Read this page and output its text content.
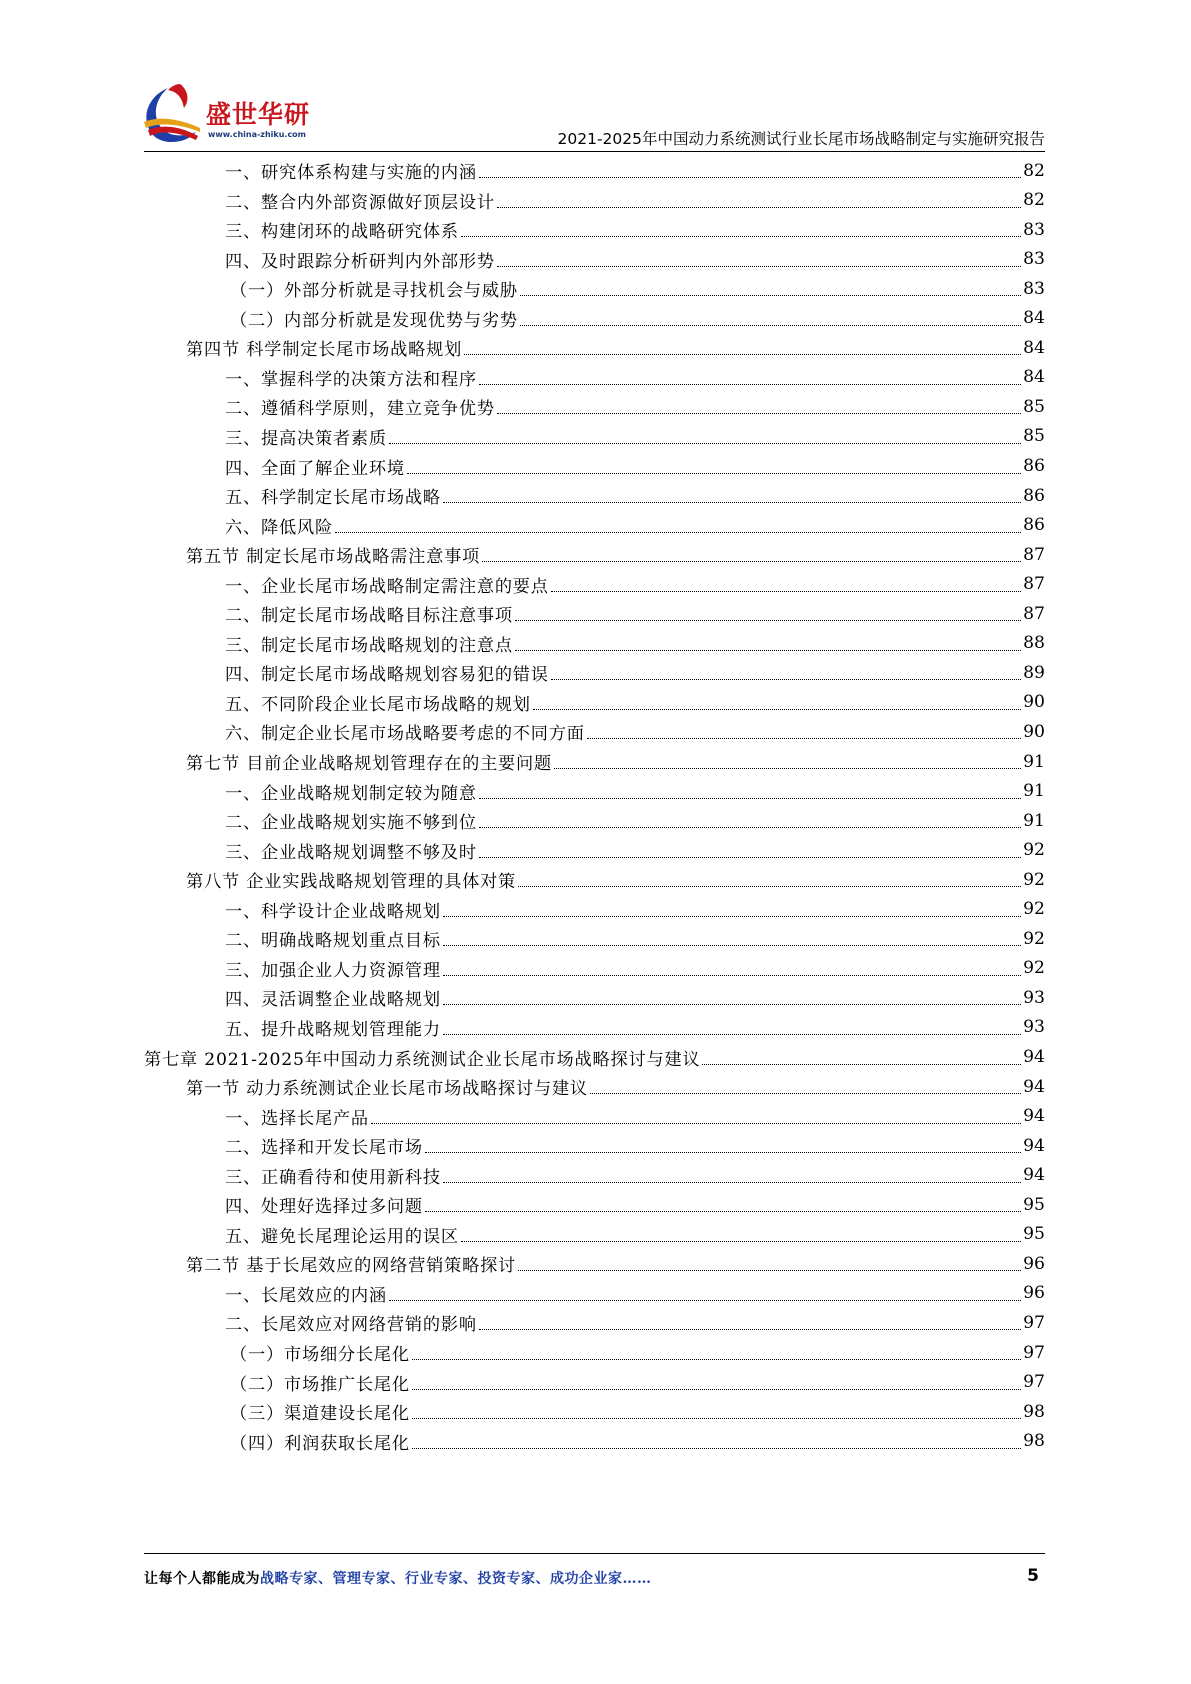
盛世华研
www.china-zhiku.com	2021-2025年中国动力系统测试行业长尾市场战略制定与实施研究报告
一、研究体系构建与实施的内涵	82
二、整合内外部资源做好顶层设计	82
三、构建闭环的战略研究体系	83
四、及时跟踪分析研判内外部形势	83
（一）外部分析就是寻找机会与威胁	83
（二）内部分析就是发现优势与劣势	84
第四节 科学制定长尾市场战略规划	84
一、掌握科学的决策方法和程序	84
二、遵循科学原则，建立竞争优势	85
三、提高决策者素质	85
四、全面了解企业环境	86
五、科学制定长尾市场战略	86
六、降低风险	86
第五节 制定长尾市场战略需注意事项	87
一、企业长尾市场战略制定需注意的要点	87
二、制定长尾市场战略目标注意事项	87
三、制定长尾市场战略规划的注意点	88
四、制定长尾市场战略规划容易犯的错误	89
五、不同阶段企业长尾市场战略的规划	90
六、制定企业长尾市场战略要考虑的不同方面	90
第七节 目前企业战略规划管理存在的主要问题	91
一、企业战略规划制定较为随意	91
二、企业战略规划实施不够到位	91
三、企业战略规划调整不够及时	92
第八节 企业实践战略规划管理的具体对策	92
一、科学设计企业战略规划	92
二、明确战略规划重点目标	92
三、加强企业人力资源管理	92
四、灵活调整企业战略规划	93
五、提升战略规划管理能力	93
第七章 2021-2025年中国动力系统测试企业长尾市场战略探讨与建议	94
第一节 动力系统测试企业长尾市场战略探讨与建议	94
一、选择长尾产品	94
二、选择和开发长尾市场	94
三、正确看待和使用新科技	94
四、处理好选择过多问题	95
五、避免长尾理论运用的误区	95
第二节 基于长尾效应的网络营销策略探讨	96
一、长尾效应的内涵	96
二、长尾效应对网络营销的影响	97
（一）市场细分长尾化	97
（二）市场推广长尾化	97
（三）渠道建设长尾化	98
（四）利润获取长尾化	98
让每个人都能成为战略专家、管理专家、行业专家、投资专家、成功企业家……	5
